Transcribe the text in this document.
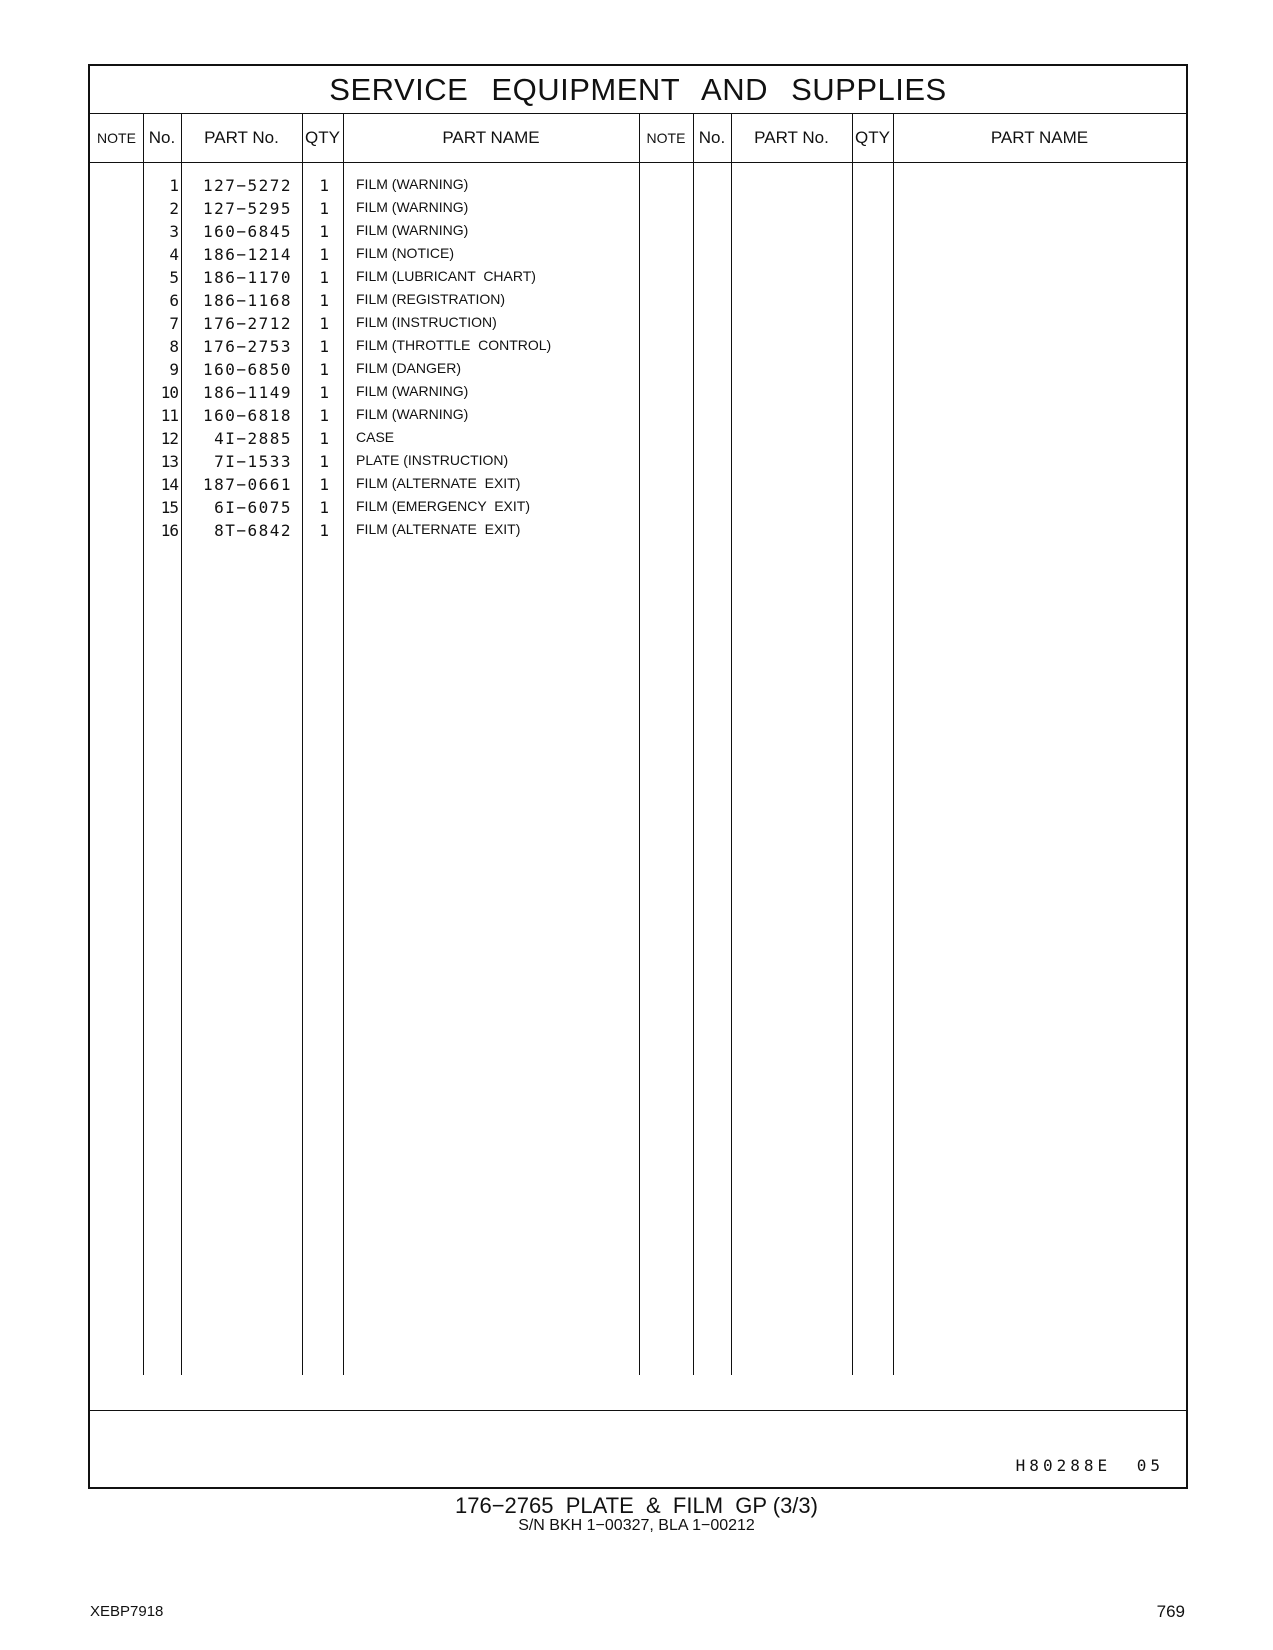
SERVICE EQUIPMENT AND SUPPLIES
NOTE No.	PART No.	QTY	PART NAME	NOTE No.	PART No.	QTY	PART NAME
1	127−5272	1 FILM (WARNING)
2	127−5295	1 FILM (WARNING)
3	160−6845	1 FILM (WARNING)
4	186−1214	1 FILM (NOTICE)
5	186−1170	1 FILM (LUBRICANT  CHART)
6	186−1168	1 FILM (REGISTRATION)
7	176−2712	1 FILM (INSTRUCTION)
8	176−2753	1 FILM (THROTTLE  CONTROL)
9	160−6850	1 FILM (DANGER)
10	186−1149	1 FILM (WARNING)
11	160−6818	1 FILM (WARNING)
12	4I−2885	1 CASE
13	7I−1533	1 PLATE (INSTRUCTION)
14	187−0661	1 FILM (ALTERNATE  EXIT)
15	6I−6075	1 FILM (EMERGENCY  EXIT)
16	8T−6842	1 FILM (ALTERNATE  EXIT)
H80288E 05
176−2765  PLATE  &  FILM  GP (3/3)
S/N BKH 1−00327, BLA 1−00212
XEBP7918	769
